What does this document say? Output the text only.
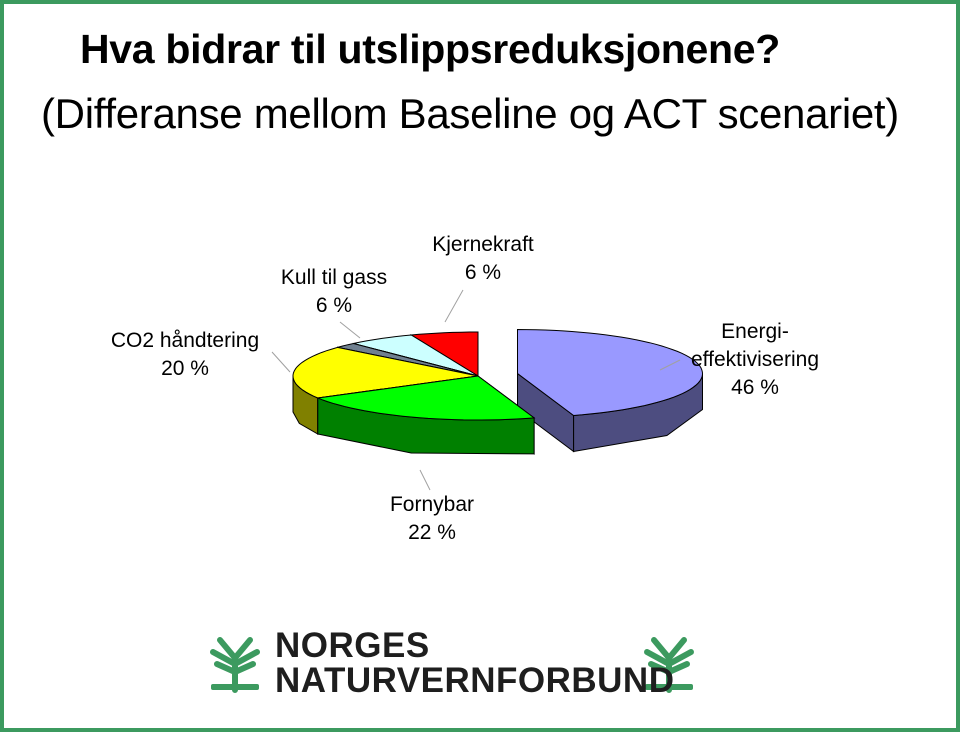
Hva bidrar til utslippsreduksjonene?
(Differanse mellom Baseline og ACT scenariet)
Energi-
effektivisering
46 %
Fornybar
22 %
CO2 håndtering
20 %
Kull til gass
6 %
Kjernekraft
6 %
NORGES
NATURVERNFORBUND
